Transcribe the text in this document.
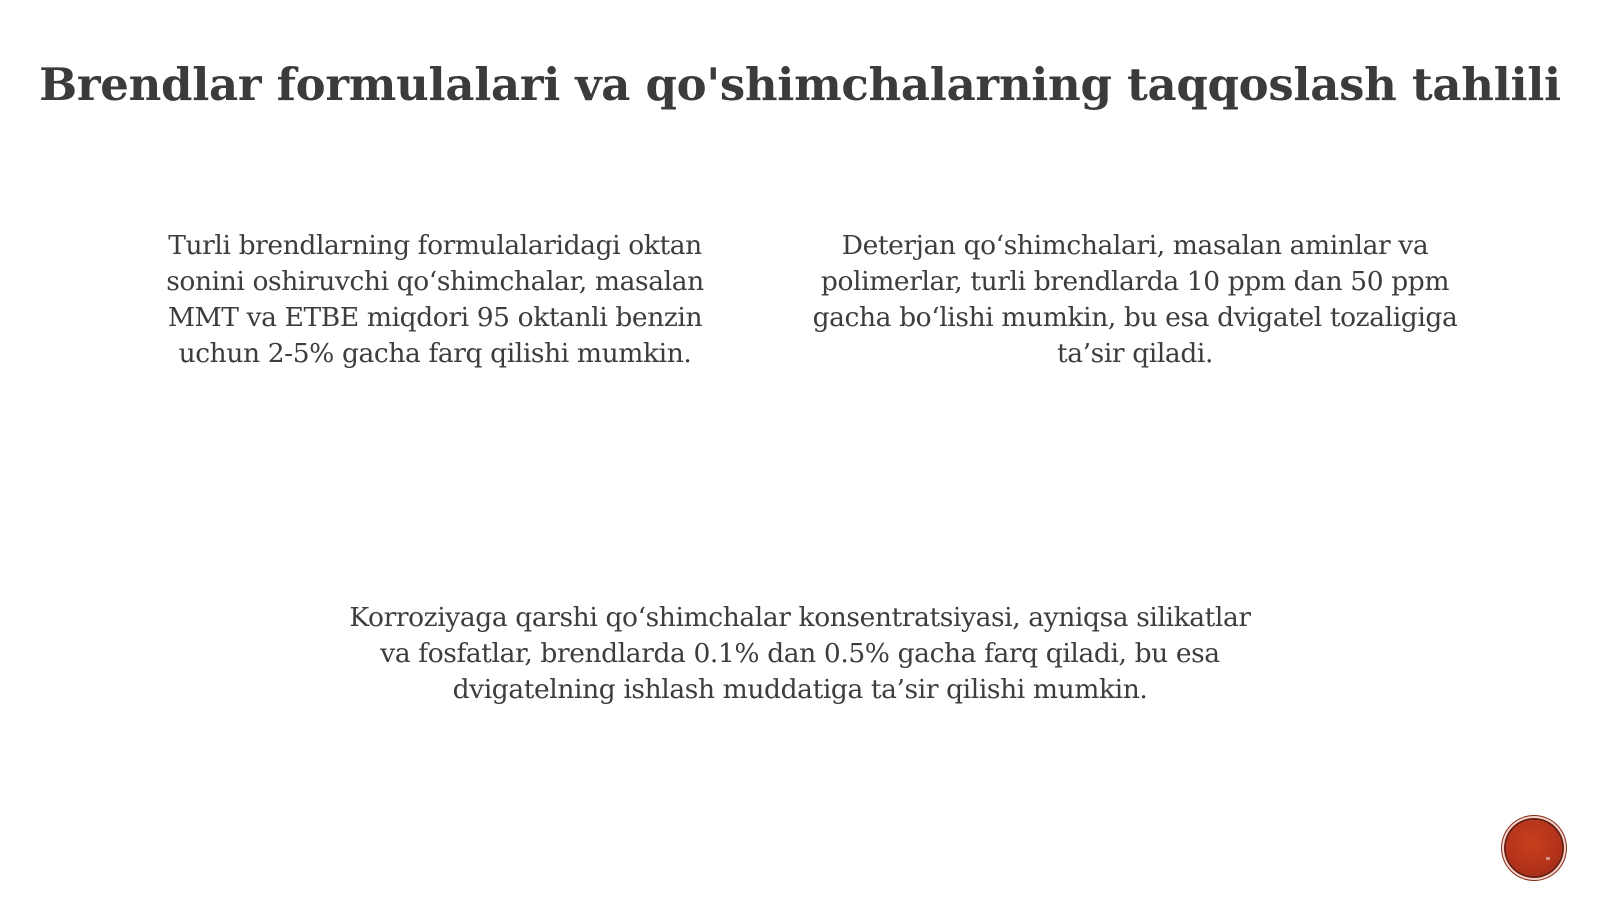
Brendlar formulalari va qo'shimchalarning taqqoslash tahlili
Turli brendlarning formulalaridagi oktan
sonini oshiruvchi qo‘shimchalar, masalan
MMT va ETBE miqdori 95 oktanli benzin
uchun 2-5% gacha farq qilishi mumkin.
Deterjan qo‘shimchalari, masalan aminlar va
polimerlar, turli brendlarda 10 ppm dan 50 ppm
gacha bo‘lishi mumkin, bu esa dvigatel tozaligiga
ta’sir qiladi.
Korroziyaga qarshi qo‘shimchalar konsentratsiyasi, ayniqsa silikatlar
va fosfatlar, brendlarda 0.1% dan 0.5% gacha farq qiladi, bu esa
dvigatelning ishlash muddatiga ta’sir qilishi mumkin.
